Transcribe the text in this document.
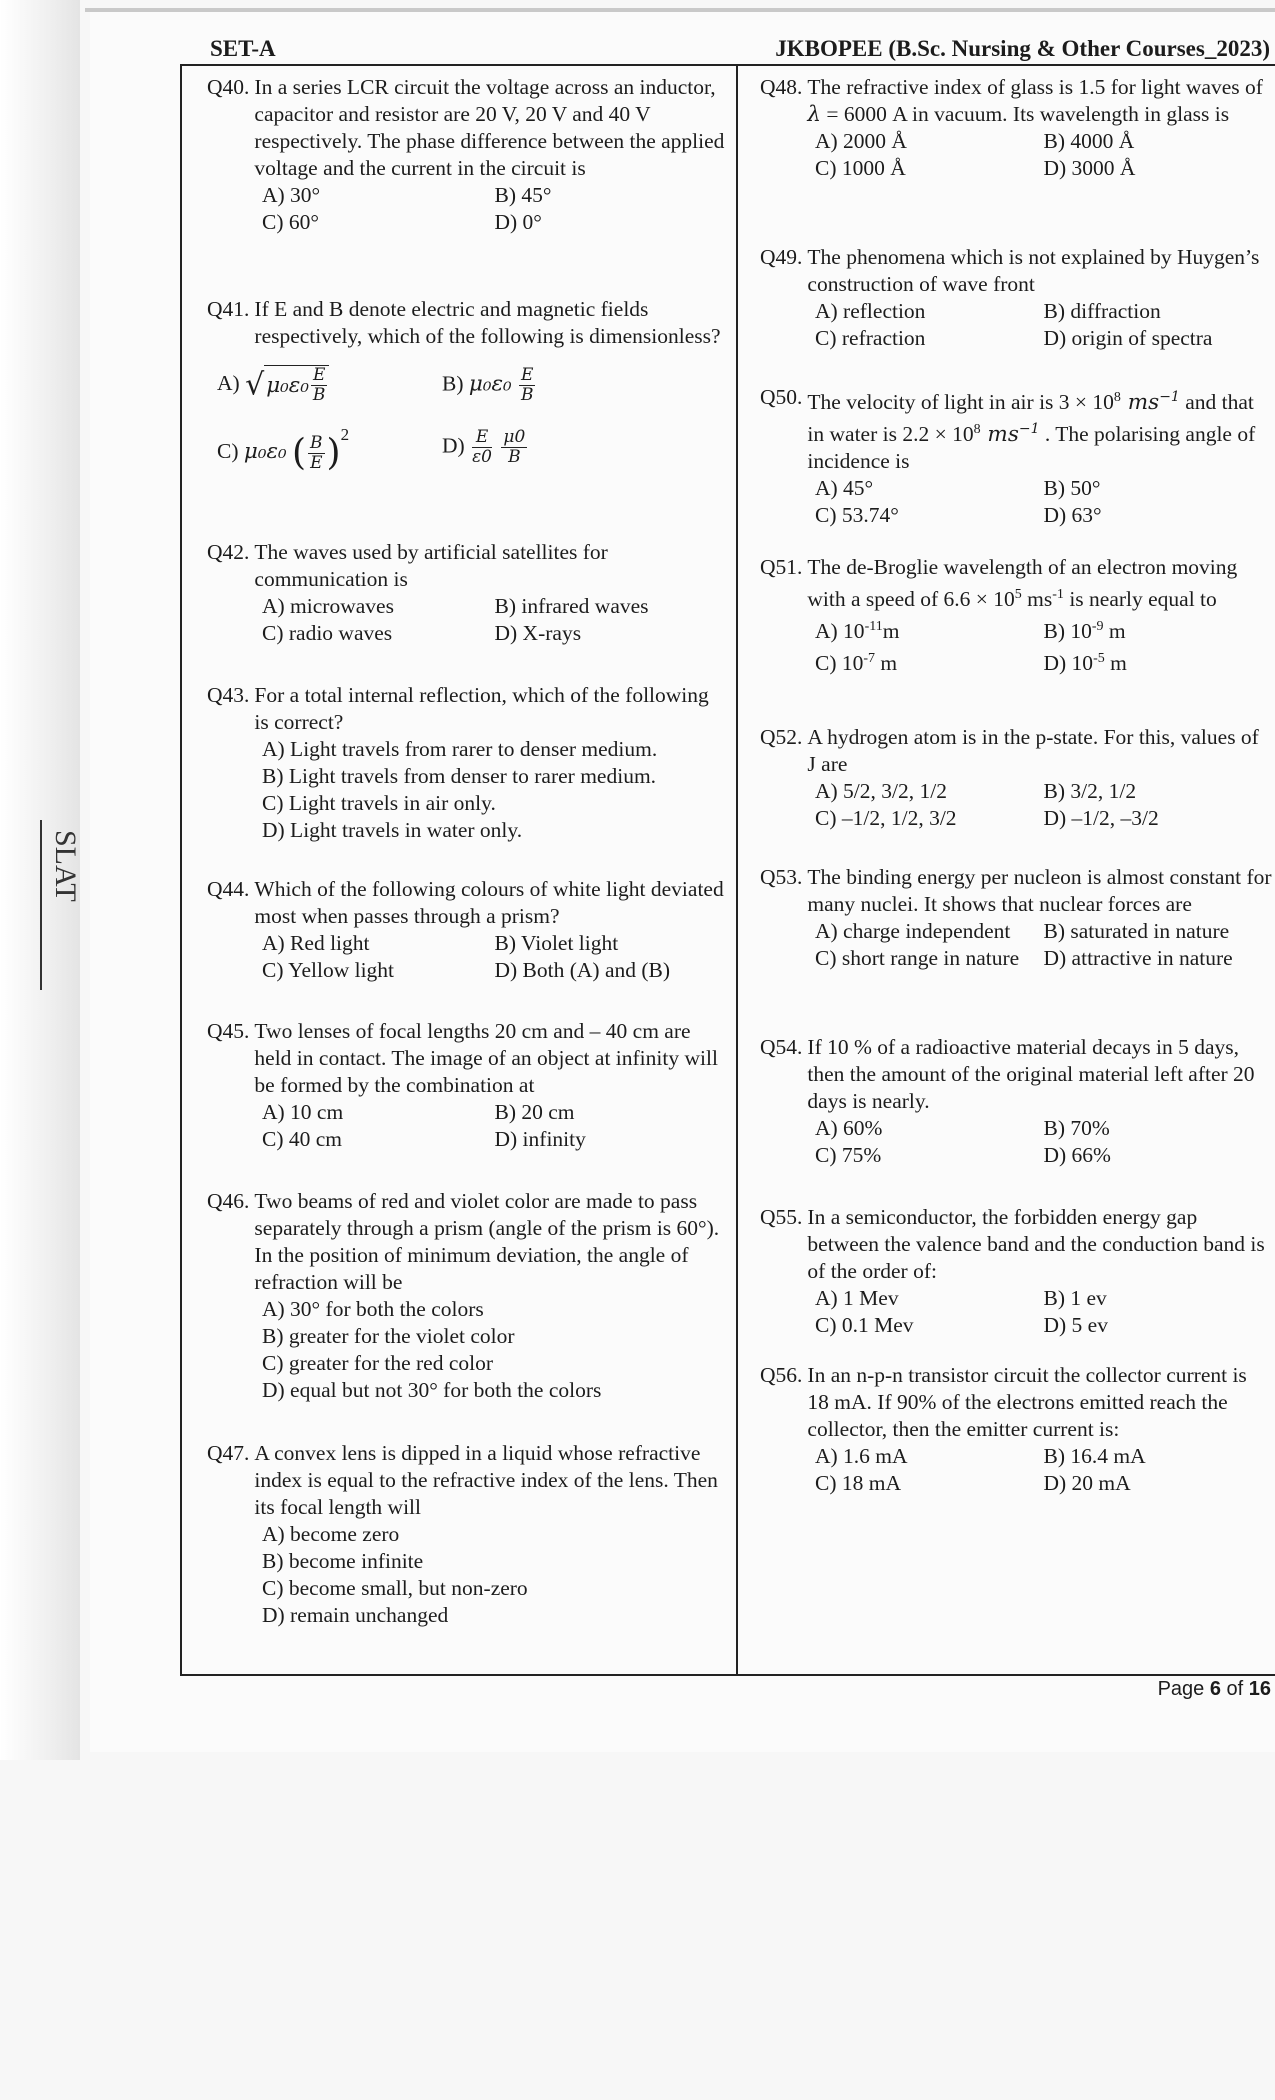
SLAT
SET-A	JKBOPEE (B.Sc. Nursing & Other Courses_2023)
Q40. In a series LCR circuit the voltage across an inductor, capacitor and resistor are 20 V, 20 V and 40 V respectively. The phase difference between the applied voltage and the current in the circuit is
A) 30°	B) 45°
C) 60°	D) 0°
Q41. If E and B denote electric and magnetic fields respectively, which of the following is dimensionless?
A) √ μ₀ $\varepsilon_0 \frac{E}{B}$	B) $\mu_0\varepsilon_0 \frac{E}{B}$
C) μ₀ε₀ ( $\frac{B}{E} )^2$	$D) \frac{E}{\varepsilon 0}$
$\frac{\mu 0}{B}$
Q42. The waves used by artificial satellites for communication is
A) microwaves	B) infrared waves
C) radio waves	D) X-rays
Q43. For a total internal reflection, which of the following is correct?
A) Light travels from rarer to denser medium.
B) Light travels from denser to rarer medium.
C) Light travels in air only.
D) Light travels in water only.
Q44. Which of the following colours of white light deviated most when passes through a prism?
A) Red light	B) Violet light
C) Yellow light	D) Both (A) and (B)
Q45. Two lenses of focal lengths 20 cm and – 40 cm are held in contact. The image of an object at infinity will be formed by the combination at
A) 10 cm	B) 20 cm
C) 40 cm	D) infinity
Q46. Two beams of red and violet color are made to pass separately through a prism (angle of the prism is 60°). In the position of minimum deviation, the angle of refraction will be
A) 30° for both the colors
B) greater for the violet color
C) greater for the red color
D) equal but not 30° for both the colors
Q47. A convex lens is dipped in a liquid whose refractive index is equal to the refractive index of the lens. Then its focal length will
A) become zero
B) become infinite
C) become small, but non-zero
D) remain unchanged
Q48. The refractive index of glass is 1.5 for light waves of λ = 6000 A in vacuum. Its wavelength in glass is
A) 2000 Å	B) 4000 Å
C) 1000 Å	D) 3000 Å
Q49. The phenomena which is not explained by Huygen’s construction of wave front
A) reflection	B) diffraction
C) refraction	D) origin of spectra
Q50. The velocity of light in air is $3 \times 10^8$ $ms^{-1}$ and that in water is $2.2 \times 10^8$ $ms^{-1}$ . The polarising angle of incidence is
A) 45°	B) 50°
C) 53.74°	D) 63°
Q51. The de-Broglie wavelength of an electron moving with a speed of $6.6 \times 10^5$ $ms^{-1}$ is nearly equal to
A) $10^{-11}m$	B) $10^{-9}$ m
C) $10^{-7}$ m	D) $10^{-5}$ m
Q52. A hydrogen atom is in the p-state. For this, values of J are
A) 5/2, 3/2, 1/2	B) 3/2, 1/2
C) –1/2, 1/2, 3/2	D) –1/2, –3/2
Q53. The binding energy per nucleon is almost constant for many nuclei. It shows that nuclear forces are
A) charge independent	B) saturated in nature
C) short range in nature	D) attractive in nature
Q54. If 10 % of a radioactive material decays in 5 days, then the amount of the original material left after 20 days is nearly.
A) 60%	B) 70%
C) 75%	D) 66%
Q55. In a semiconductor, the forbidden energy gap between the valence band and the conduction band is of the order of:
A) 1 Mev	B) 1 ev
C) 0.1 Mev	D) 5 ev
Q56. In an n-p-n transistor circuit the collector current is 18 mA. If 90% of the electrons emitted reach the collector, then the emitter current is:
A) 1.6 mA	B) 16.4 mA
C) 18 mA	D) 20 mA
Page 6 of 16
